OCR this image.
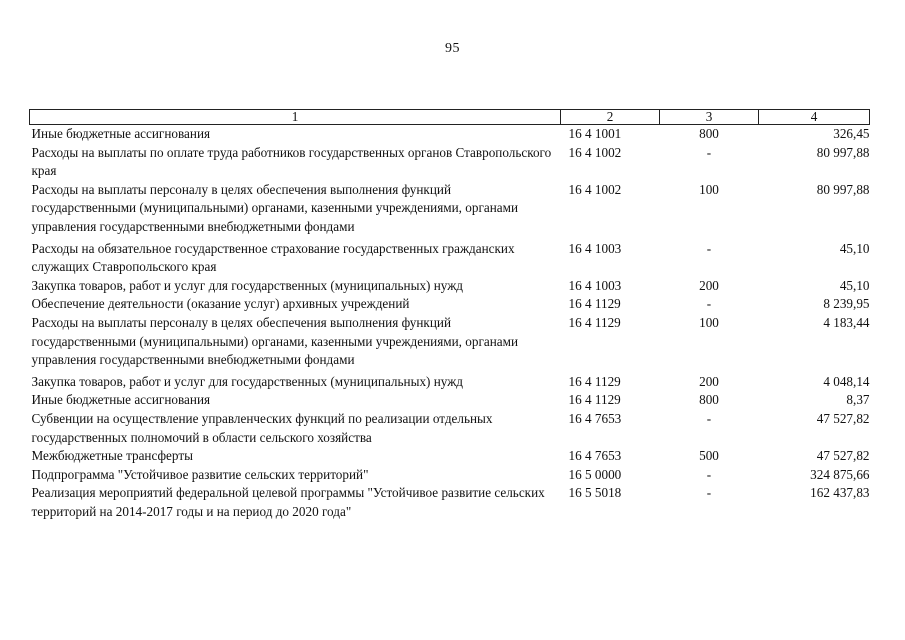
95
1	2	3	4
Иные бюджетные ассигнования	16 4 1001	800	326,45
Расходы на выплаты по оплате труда работников государственных органов Ставропольского края	16 4 1002	-	80 997,88
Расходы на выплаты персоналу в целях обеспечения выполнения функций государственными (муниципальными) органами, казенными учреждениями, органами управления государственными внебюджетными фондами	16 4 1002	100	80 997,88
Расходы на обязательное государственное страхование государственных гражданских служащих Ставропольского края	16 4 1003	-	45,10
Закупка товаров, работ и услуг для государственных (муниципальных) нужд	16 4 1003	200	45,10
Обеспечение деятельности (оказание услуг) архивных учреждений	16 4 1129	-	8 239,95
Расходы на выплаты персоналу в целях обеспечения выполнения функций государственными (муниципальными) органами, казенными учреждениями, органами управления государственными внебюджетными фондами	16 4 1129	100	4 183,44
Закупка товаров, работ и услуг для государственных (муниципальных) нужд	16 4 1129	200	4 048,14
Иные бюджетные ассигнования	16 4 1129	800	8,37
Субвенции на осуществление управленческих функций по реализации отдельных государственных полномочий в области сельского хозяйства	16 4 7653	-	47 527,82
Межбюджетные трансферты	16 4 7653	500	47 527,82
Подпрограмма "Устойчивое развитие сельских территорий"	16 5 0000	-	324 875,66
Реализация мероприятий федеральной целевой программы "Устойчивое развитие сельских территорий на 2014-2017 годы и на период до 2020 года"	16 5 5018	-	162 437,83
